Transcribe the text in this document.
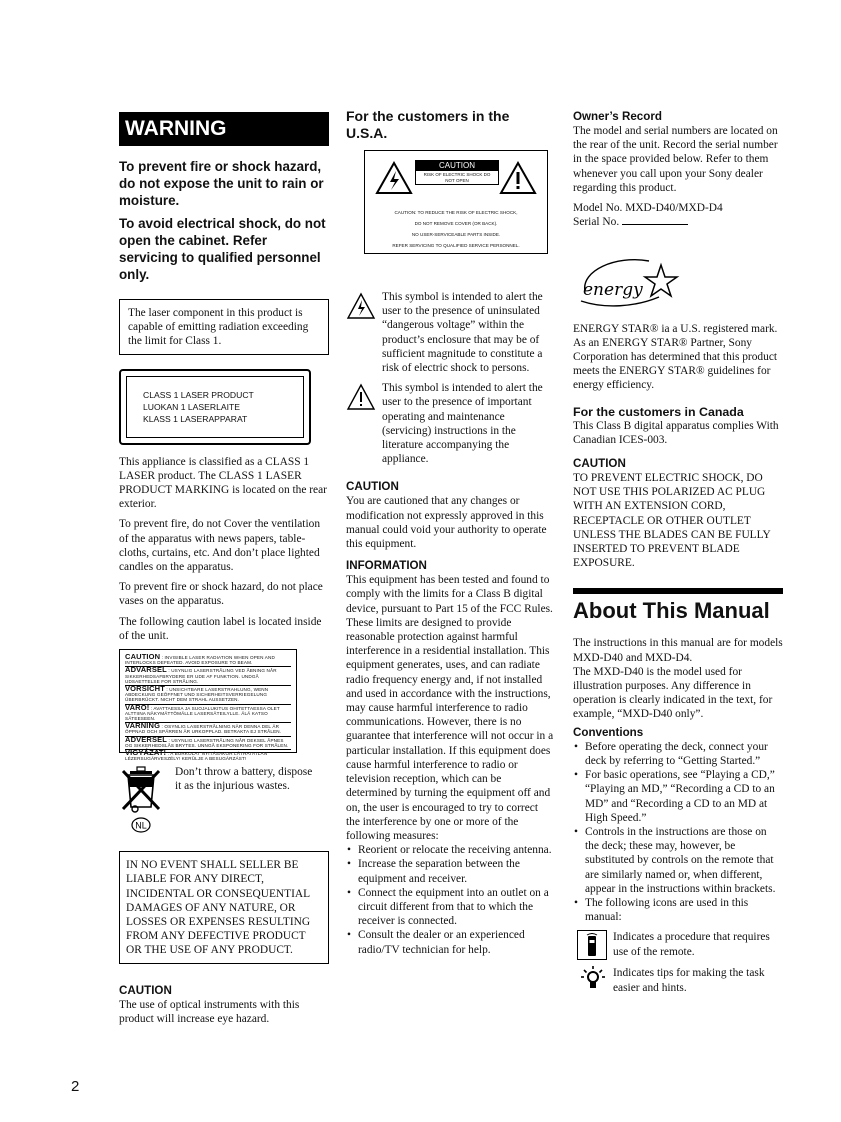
WARNING

To prevent fire or shock hazard, do not expose the unit to rain or moisture.

To avoid electrical shock, do not open the cabinet. Refer servicing to qualified personnel only.

The laser component in this product is capable of emitting radiation exceeding the limit for Class 1.
CLASS 1 LASER PRODUCT
LUOKAN 1 LASERLAITE
KLASS 1 LASERAPPARAT

This appliance is classified as a CLASS 1 LASER product. The CLASS 1 LASER PRODUCT MARKING is located on the rear exterior.

To prevent fire, do not Cover the ventilation of the apparatus with news papers, table-cloths, curtains, etc. And don’t place lighted candles on the apparatus.

To prevent fire or shock hazard, do not place vases on the apparatus.

The following caution label is located inside of the unit.

CAUTION : INVISIBLE LASER RADIATION WHEN OPEN AND INTERLOCKS DEFEATED. AVOID EXPOSURE TO BEAM.
ADVARSEL : USYNLIG LASERSTRÅLING VED ÅBNING NÅR SIKKERHEDSAFBRYDERE ER UDE AF FUNKTION. UNDGÅ UDSAETTELSE FOR STRÅLING.
VORSICHT : UNSICHTBARE LASERSTRAHLUNG, WENN ABDECKUNG GEÖFFNET UND SICHERHEITSVERRIEGELUNG ÜBERBRÜCKT. NICHT DEM STRAHL AUSSETZEN.
VARO! : AVATTAESSA JA SUOJALUKITUS OHITETTAESSA OLET ALTTIINA NÄKYMÄTTÖMÄLLE LASERSÄTEILYLLE. ÄLÄ KATSO SÄTEESEEN.
VARNING : OSYNLIG LASERSTRÅLNING NÄR DENNA DEL ÄR ÖPPNAD OCH SPÄRREN ÄR URKOPPLAD. BETRAKTA EJ STRÅLEN.
ADVERSEL : USYNLIG LASERSTRÅLING NÅR DEKSEL ÅPNES OG SIKKERHEDSLÅS BRYTES. UNNGÅ EKSPONERING FOR STRÅLEN.
VIGYÁZAT! : A BURKOLAT NYITÁSAKOR LÁTHATATLAN LÉZERSUGÁRVESZÉLY! KERÜLJE A BESUGÁRZÁST!
NL
Don’t throw a battery, dispose it as the injurious wastes.
IN NO EVENT SHALL SELLER BE LIABLE FOR ANY DIRECT, INCIDENTAL OR CONSEQUENTIAL DAMAGES OF ANY NATURE, OR LOSSES OR EXPENSES RESULTING FROM ANY DEFECTIVE PRODUCT OR THE USE OF ANY PRODUCT.

CAUTION

The use of optical instruments with this product will increase eye hazard.

For the customers in the U.S.A.

CAUTION
RISK OF ELECTRIC SHOCK DO NOT OPEN
CAUTION: TO REDUCE THE RISK OF ELECTRIC SHOCK,
DO NOT REMOVE COVER (OR BACK).
NO USER-SERVICEABLE PARTS INSIDE.
REFER SERVICING TO QUALIFIED SERVICE PERSONNEL.
This symbol is intended to alert the user to the presence of uninsulated “dangerous voltage” within the product’s enclosure that may be of sufficient magnitude to constitute a risk of electric shock to persons.
This symbol is intended to alert the user to the presence of important operating and maintenance (servicing) instructions in the literature accompanying the appliance.

CAUTION

You are cautioned that any changes or modification not expressly approved in this manual could void your authority to operate this equipment.

INFORMATION

This equipment has been tested and found to comply with the limits for a Class B digital device, pursuant to Part 15 of the FCC Rules. These limits are designed to provide reasonable protection against harmful interference in a residential installation. This equipment generates, uses, and can radiate radio frequency energy and, if not installed and used in accordance with the instructions, may cause harmful interference to radio communications. However, there is no guarantee that interference will not occur in a particular installation. If this equipment does cause harmful interference to radio or television reception, which can be determined by turning the equipment off and on, the user is encouraged to try to correct the interference by one or more of the following measures:

• Reorient or relocate the receiving antenna.
• Increase the separation between the equipment and receiver.
• Connect the equipment into an outlet on a circuit different from that to which the receiver is connected.
• Consult the dealer or an experienced radio/TV technician for help.

Owner’s Record

The model and serial numbers are located on the rear of the unit. Record the serial number in the space provided below. Refer to them whenever you call upon your Sony dealer regarding this product.

Model No. MXD-D40/MXD-D4
Serial No.
energy
ENERGY STAR® ia a U.S. registered mark.

As an ENERGY STAR® Partner, Sony Corporation has determined that this product meets the ENERGY STAR® guidelines for energy efficiency.

For the customers in Canada

This Class B digital apparatus complies With Canadian ICES-003.

CAUTION

TO PREVENT ELECTRIC SHOCK, DO NOT USE THIS POLARIZED AC PLUG WITH AN EXTENSION CORD, RECEPTACLE OR OTHER OUTLET UNLESS THE BLADES CAN BE FULLY INSERTED TO PREVENT BLADE EXPOSURE.

About This Manual
The instructions in this manual are for models MXD-D40 and MXD-D4.
The MXD-D40 is the model used for illustration purposes. Any difference in operation is clearly indicated in the text, for example, “MXD-D40 only”.

Conventions

• Before operating the deck, connect your deck by referring to “Getting Started.”
• For basic operations, see “Playing a CD,” “Playing an MD,” “Recording a CD to an MD” and “Recording a CD to an MD at High Speed.”
• Controls in the instructions are those on the deck; these may, however, be substituted by controls on the remote that are similarly named or, when different, appear in the instructions within brackets.
• The following icons are used in this manual:
Indicates a procedure that requires use of the remote.
Indicates tips for making the task easier and hints.
2
